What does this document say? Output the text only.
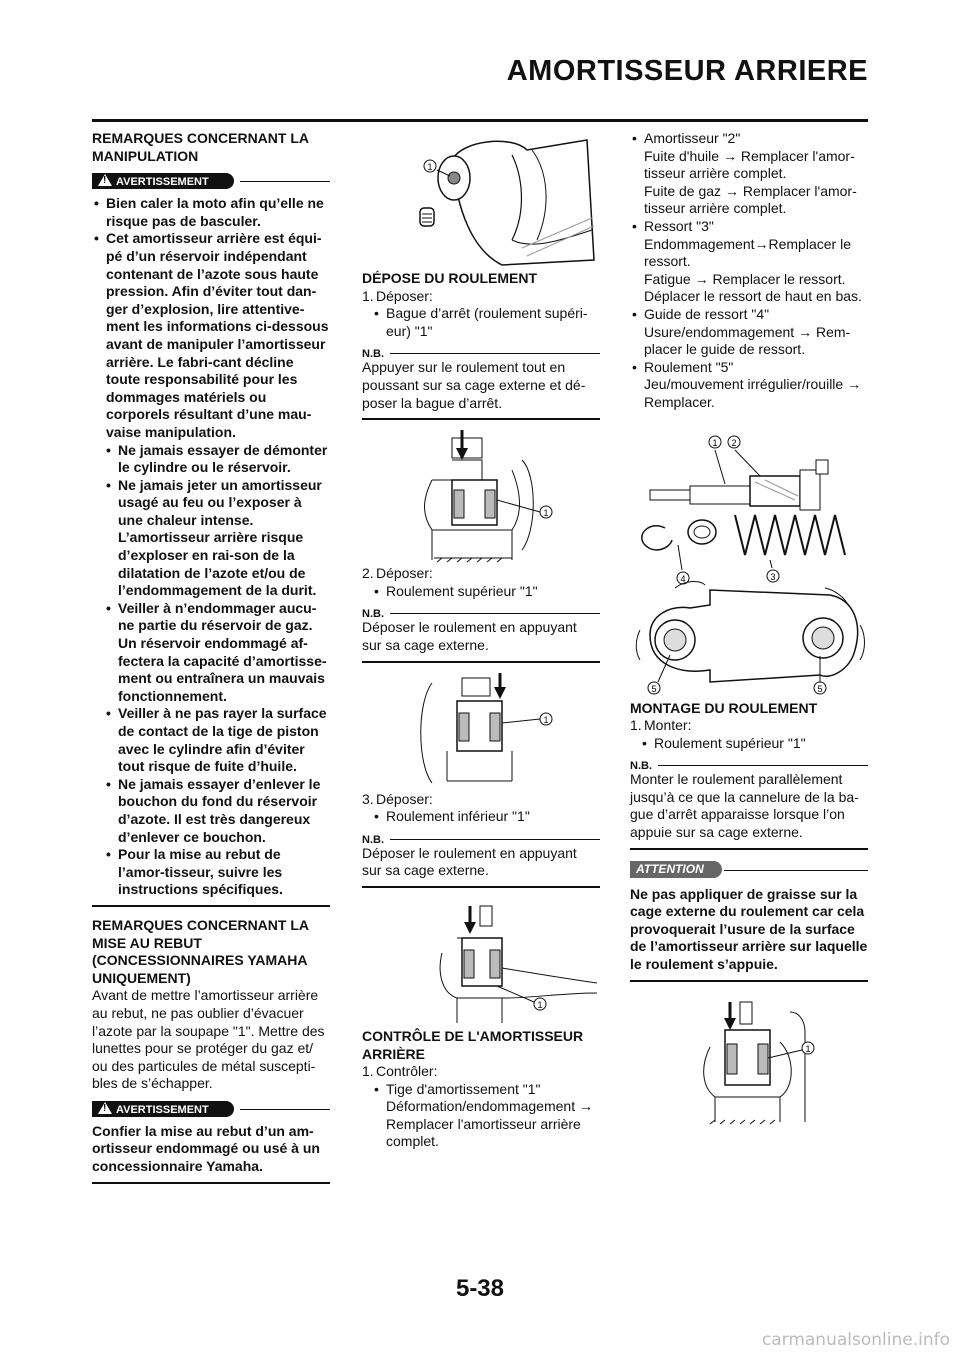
AMORTISSEUR ARRIERE

REMARQUES CONCERNANT LA MANIPULATION

!AVERTISSEMENT
• Bien caler la moto afin qu’elle ne risque pas de basculer.
• Cet amortisseur arrière est équi-pé d’un réservoir indépendant contenant de l’azote sous haute pression. Afin d’éviter tout dan-ger d’explosion, lire attentive-ment les informations ci-dessous avant de manipuler l’amortisseur arrière. Le fabri-cant décline toute responsabilité pour les dommages matériels ou corporels résultant d’une mau-vaise manipulation.
• Ne jamais essayer de démonter le cylindre ou le réservoir.
• Ne jamais jeter un amortisseur usagé au feu ou l’exposer à une chaleur intense. L’amortisseur arrière risque d’exploser en rai-son de la dilatation de l’azote et/ou de l’endommagement de la durit.
• Veiller à n’endommager aucu-ne partie du réservoir de gaz. Un réservoir endommagé af-fectera la capacité d’amortisse-ment ou entraînera un mauvais fonctionnement.
• Veiller à ne pas rayer la surface de contact de la tige de piston avec le cylindre afin d’éviter tout risque de fuite d’huile.
• Ne jamais essayer d’enlever le bouchon du fond du réservoir d’azote. Il est très dangereux d’enlever ce bouchon.
• Pour la mise au rebut de l’amor-tisseur, suivre les instructions spécifiques.

REMARQUES CONCERNANT LA MISE AU REBUT (CONCESSIONNAIRES YAMAHA UNIQUEMENT)

Avant de mettre l’amortisseur arrière au rebut, ne pas oublier d’évacuer l’azote par la soupape "1". Mettre des lunettes pour se protéger du gaz et/ ou des particules de métal suscepti-bles de s’échapper.

!AVERTISSEMENT

Confier la mise au rebut d’un am-ortisseur endommagé ou usé à un concessionnaire Yamaha.

1

DÉPOSE DU ROULEMENT

1. Déposer:
• Bague d’arrêt (roulement supéri-eur) "1"
N.B.

Appuyer sur le roulement tout en poussant sur sa cage externe et dé-poser la bague d’arrêt.

1
2. Déposer:
• Roulement supérieur "1"
N.B.

Déposer le roulement en appuyant sur sa cage externe.

1
3. Déposer:
• Roulement inférieur "1"
N.B.

Déposer le roulement en appuyant sur sa cage externe.

1

CONTRÔLE DE L'AMORTISSEUR ARRIÈRE

1. Contrôler:
• Tige d'amortissement "1"
Déformation/endommagement → Remplacer l'amortisseur arrière complet.
• Amortisseur "2"
Fuite d'huile → Remplacer l'amor-tisseur arrière complet.
Fuite de gaz → Remplacer l'amor-tisseur arrière complet.
• Ressort "3"
Endommagement→Remplacer le ressort.
Fatigue → Remplacer le ressort. Déplacer le ressort de haut en bas.
• Guide de ressort "4"
Usure/endommagement → Rem-placer le guide de ressort.
• Roulement "5"
Jeu/mouvement irrégulier/rouille → Remplacer.
1 2
4	3
5	5

MONTAGE DU ROULEMENT

1. Monter:
• Roulement supérieur "1"
N.B.

Monter le roulement parallèlement jusqu’à ce que la cannelure de la ba-gue d’arrêt apparaisse lorsque l’on appuie sur sa cage externe.

ATTENTION

Ne pas appliquer de graisse sur la cage externe du roulement car cela provoquerait l’usure de la surface de l’amortisseur arrière sur laquelle le roulement s’appuie.

1
5-38
carmanualsonline.info
